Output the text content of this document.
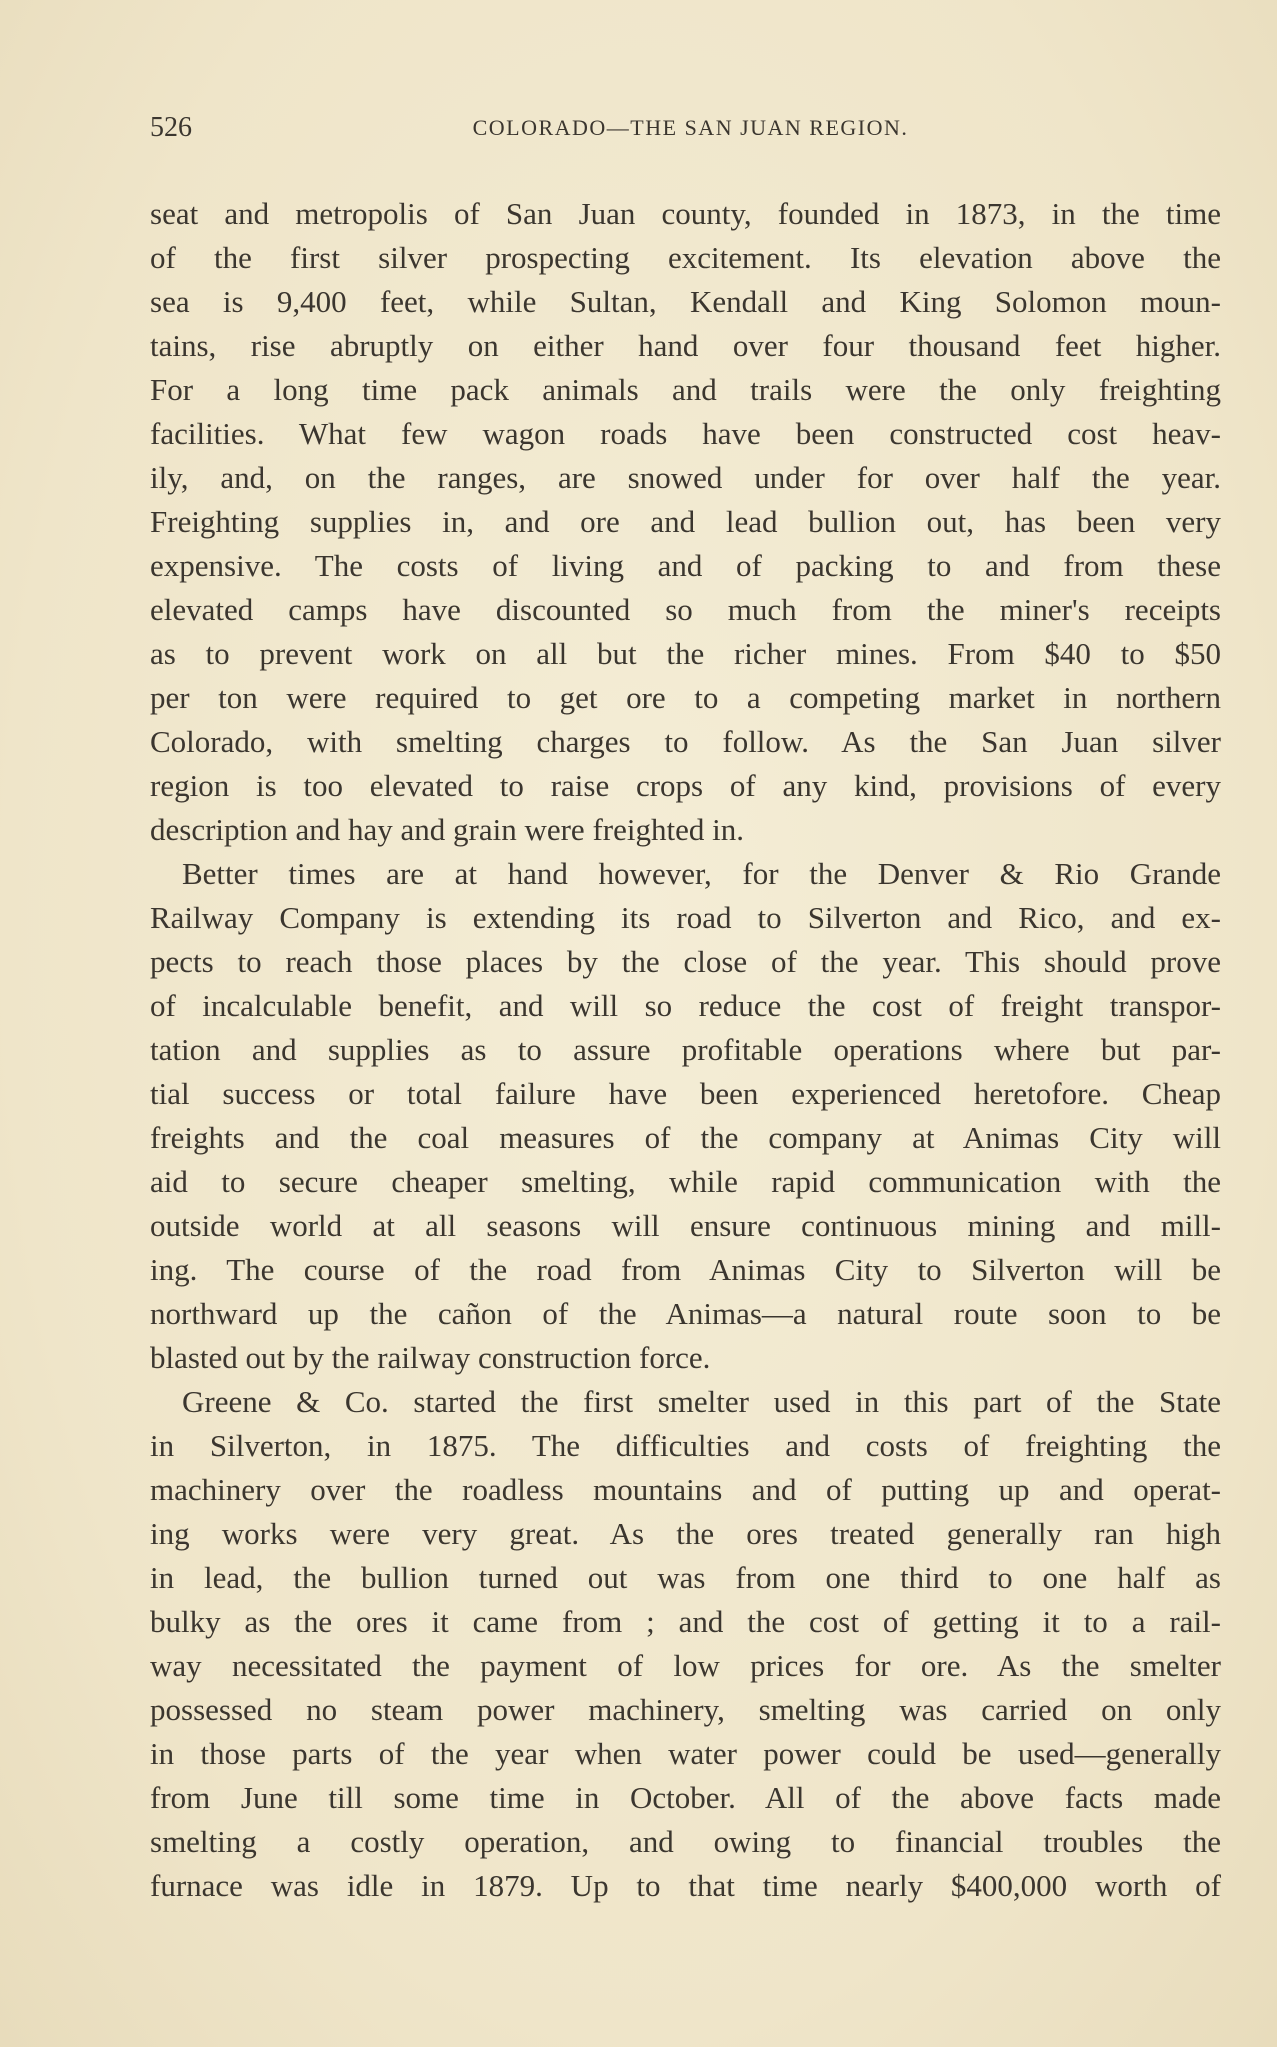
526	COLORADO—THE SAN JUAN REGION.
seat and metropolis of San Juan county, founded in 1873, in the time
of the first silver prospecting excitement. Its elevation above the
sea is 9,400 feet, while Sultan, Kendall and King Solomon moun-
tains, rise abruptly on either hand over four thousand feet higher.
For a long time pack animals and trails were the only freighting
facilities. What few wagon roads have been constructed cost heav-
ily, and, on the ranges, are snowed under for over half the year.
Freighting supplies in, and ore and lead bullion out, has been very
expensive. The costs of living and of packing to and from these
elevated camps have discounted so much from the miner's receipts
as to prevent work on all but the richer mines. From $40 to $50
per ton were required to get ore to a competing market in northern
Colorado, with smelting charges to follow. As the San Juan silver
region is too elevated to raise crops of any kind, provisions of every
description and hay and grain were freighted in.
Better times are at hand however, for the Denver & Rio Grande
Railway Company is extending its road to Silverton and Rico, and ex-
pects to reach those places by the close of the year. This should prove
of incalculable benefit, and will so reduce the cost of freight transpor-
tation and supplies as to assure profitable operations where but par-
tial success or total failure have been experienced heretofore. Cheap
freights and the coal measures of the company at Animas City will
aid to secure cheaper smelting, while rapid communication with the
outside world at all seasons will ensure continuous mining and mill-
ing. The course of the road from Animas City to Silverton will be
northward up the cañon of the Animas—a natural route soon to be
blasted out by the railway construction force.
Greene & Co. started the first smelter used in this part of the State
in Silverton, in 1875. The difficulties and costs of freighting the
machinery over the roadless mountains and of putting up and operat-
ing works were very great. As the ores treated generally ran high
in lead, the bullion turned out was from one third to one half as
bulky as the ores it came from ; and the cost of getting it to a rail-
way necessitated the payment of low prices for ore. As the smelter
possessed no steam power machinery, smelting was carried on only
in those parts of the year when water power could be used—generally
from June till some time in October. All of the above facts made
smelting a costly operation, and owing to financial troubles the
furnace was idle in 1879. Up to that time nearly $400,000 worth of
